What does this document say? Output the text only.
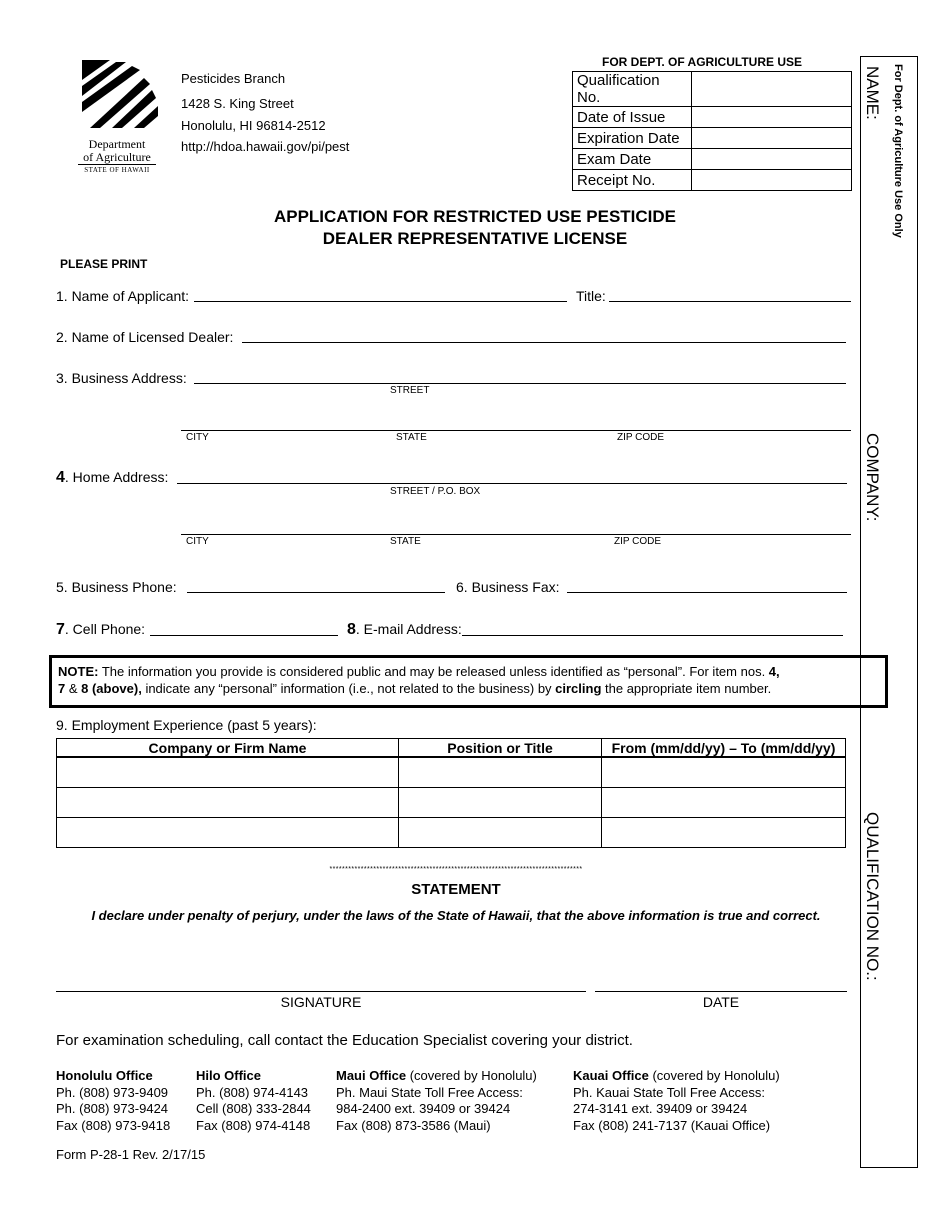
Department
of Agriculture
STATE OF HAWAII
Pesticides Branch
1428 S. King Street
Honolulu, HI 96814-2512
http://hdoa.hawaii.gov/pi/pest
FOR DEPT. OF AGRICULTURE USE
Qualification No.	
Date of Issue	
Expiration Date	
Exam Date	
Receipt No.		For Dept. of Agriculture Use Only
NAME:
COMPANY:
QUALIFICATION NO.:
APPLICATION FOR RESTRICTED USE PESTICIDE
DEALER REPRESENTATIVE LICENSE
PLEASE PRINT
1. Name of Applicant:	Title:
2. Name of Licensed Dealer:
3. Business Address:
STREET
CITY	STATE	ZIP CODE
4. Home Address:
STREET / P.O. BOX
CITY	STATE	ZIP CODE
5. Business Phone:	6. Business Fax:
7. Cell Phone:	8. E-mail Address:
NOTE: The information you provide is considered public and may be released unless identified as “personal”. For item nos. 4,
7 & 8 (above), indicate any “personal” information (i.e., not related to the business) by circling the appropriate item number.
9. Employment Experience (past 5 years):
Company or Firm Name	Position or Title	From (mm/dd/yy) – To (mm/dd/yy)

*********************************************************************************
STATEMENT
I declare under penalty of perjury, under the laws of the State of Hawaii, that the above information is true and correct.
SIGNATURE	DATE
For examination scheduling, call contact the Education Specialist covering your district.
Honolulu Office
Ph. (808) 973-9409
Ph. (808) 973-9424
Fax (808) 973-9418
Hilo Office
Ph. (808) 974-4143
Cell (808) 333-2844
Fax (808) 974-4148
Maui Office (covered by Honolulu)
Ph. Maui State Toll Free Access:
984-2400 ext. 39409 or 39424
Fax (808) 873-3586 (Maui)
Kauai Office (covered by Honolulu)
Ph. Kauai State Toll Free Access:
274-3141 ext. 39409 or 39424
Fax (808) 241-7137 (Kauai Office)
Form P-28-1 Rev. 2/17/15
